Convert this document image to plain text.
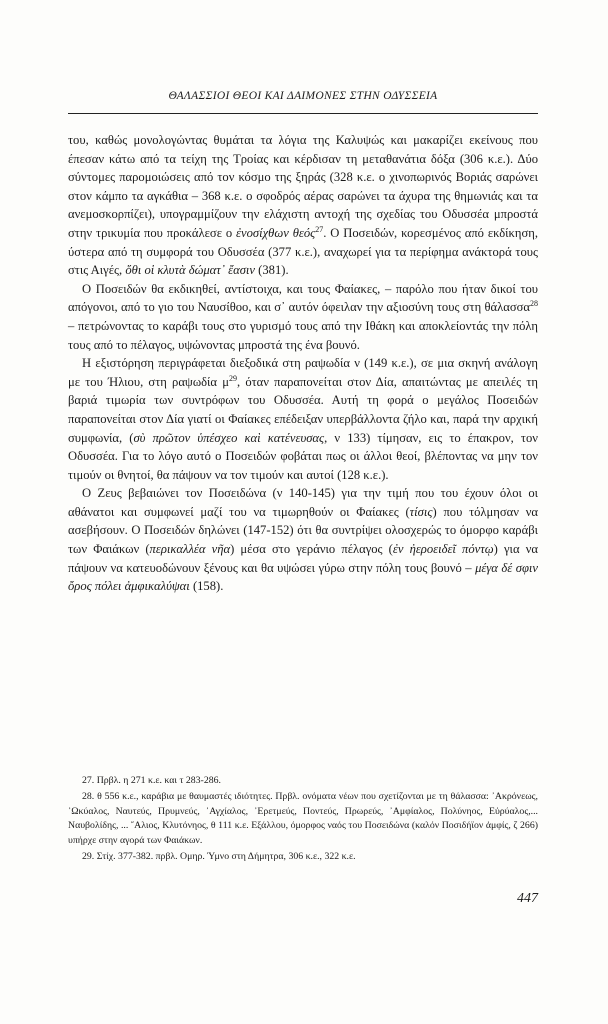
ΘΑΛΑΣΣΙΟΙ ΘΕΟΙ ΚΑΙ ΔΑΙΜΟΝΕΣ ΣΤΗΝ ΟΔΥΣΣΕΙΑ

του, καθώς μονολογώντας θυμάται τα λόγια της Καλυψώς και μακαρίζει εκείνους που έπεσαν κάτω από τα τείχη της Τροίας και κέρδισαν τη μεταθανάτια δόξα (306 κ.ε.). Δύο σύντομες παρομοιώσεις από τον κόσμο της ξηράς (328 κ.ε. ο χινοπωρινός Βοριάς σαρώνει στον κάμπο τα αγκάθια – 368 κ.ε. ο σφοδρός αέρας σαρώνει τα άχυρα της θημωνιάς και τα ανεμοσκορπίζει), υπογραμμίζουν την ελάχιστη αντοχή της σχεδίας του Οδυσσέα μπροστά στην τρικυμία που προκάλεσε ο ἐνοσίχθων θεός$^{27}$. Ο Ποσειδών, κορεσμένος από εκδίκηση, ύστερα από τη συμφορά του Οδυσσέα (377 κ.ε.), αναχωρεί για τα περίφημα ανάκτορά τους στις Αιγές, ὅθι οἱ κλυτὰ δώματ᾽ ἔασιν (381).

Ο Ποσειδών θα εκδικηθεί, αντίστοιχα, και τους Φαίακες, – παρόλο που ήταν δικοί του απόγονοι, από το γιο του Ναυσίθοο, και σ᾽ αυτόν όφειλαν την αξιοσύνη τους στη θάλασσα$^{28}$ – πετρώνοντας το καράβι τους στο γυρισμό τους από την Ιθάκη και αποκλείοντάς την πόλη τους από το πέλαγος, υψώνοντας μπροστά της ένα βουνό.

Η εξιστόρηση περιγράφεται διεξοδικά στη ραψωδία ν (149 κ.ε.), σε μια σκηνή ανάλογη με του Ήλιου, στη ραψωδία $\mu^{29}$, όταν παραπονείται στον Δία, απαιτώντας με απειλές τη βαριά τιμωρία των συντρόφων του Οδυσσέα. Αυτή τη φορά ο μεγάλος Ποσειδών παραπονείται στον Δία γιατί οι Φαίακες επέδειξαν υπερβάλλοντα ζήλο και, παρά την αρχική συμφωνία, (σὺ πρῶτον ὑπέσχεο καὶ κατένευσας, ν 133) τίμησαν, εις το έπακρον, τον Οδυσσέα. Για το λόγο αυτό ο Ποσειδών φοβάται πως οι άλλοι θεοί, βλέποντας να μην τον τιμούν οι θνητοί, θα πάψουν να τον τιμούν και αυτοί (128 κ.ε.).

Ο Ζευς βεβαιώνει τον Ποσειδώνα (ν 140-145) για την τιμή που του έχουν όλοι οι αθάνατοι και συμφωνεί μαζί του να τιμωρηθούν οι Φαίακες (τίσις) που τόλμησαν να ασεβήσουν. Ο Ποσειδών δηλώνει (147-152) ότι θα συντρίψει ολοσχερώς το όμορφο καράβι των Φαιάκων (περικαλλέα νῆα) μέσα στο γεράνιο πέλαγος (ἐν ἠεροειδεῖ πόντῳ) για να πάψουν να κατευοδώνουν ξένους και θα υψώσει γύρω στην πόλη τους βουνό – μέγα δέ σφιν ὄρος πόλει ἀμφικαλύψαι (158).

27. Πρβλ. η 271 κ.ε. και τ 283-286.

28. θ 556 κ.ε., καράβια με θαυμαστές ιδιότητες. Πρβλ. ονόματα νέων που σχετίζονται με τη θάλασσα: ᾿Ακρόνεως, ᾿Ωκύαλος, Ναυτεύς, Πρυμνεύς, ᾿Αγχίαλος, ᾿Ερετμεύς, Ποντεύς, Πρωρεύς, ᾿Αμφίαλος, Πολύνηος, Εὐρύαλος,... Ναυβολίδης, ... ῎Αλιος, Κλυτόνηος, θ 111 κ.ε. Εξάλλου, όμορφος ναός του Ποσειδώνα (καλόν Ποσιδήϊον ἀμφίς, ζ 266) υπήρχε στην αγορά των Φαιάκων.

29. Στίχ. 377-382. πρβλ. Ομηρ. Ύμνο στη Δήμητρα, 306 κ.ε., 322 κ.ε.

447
